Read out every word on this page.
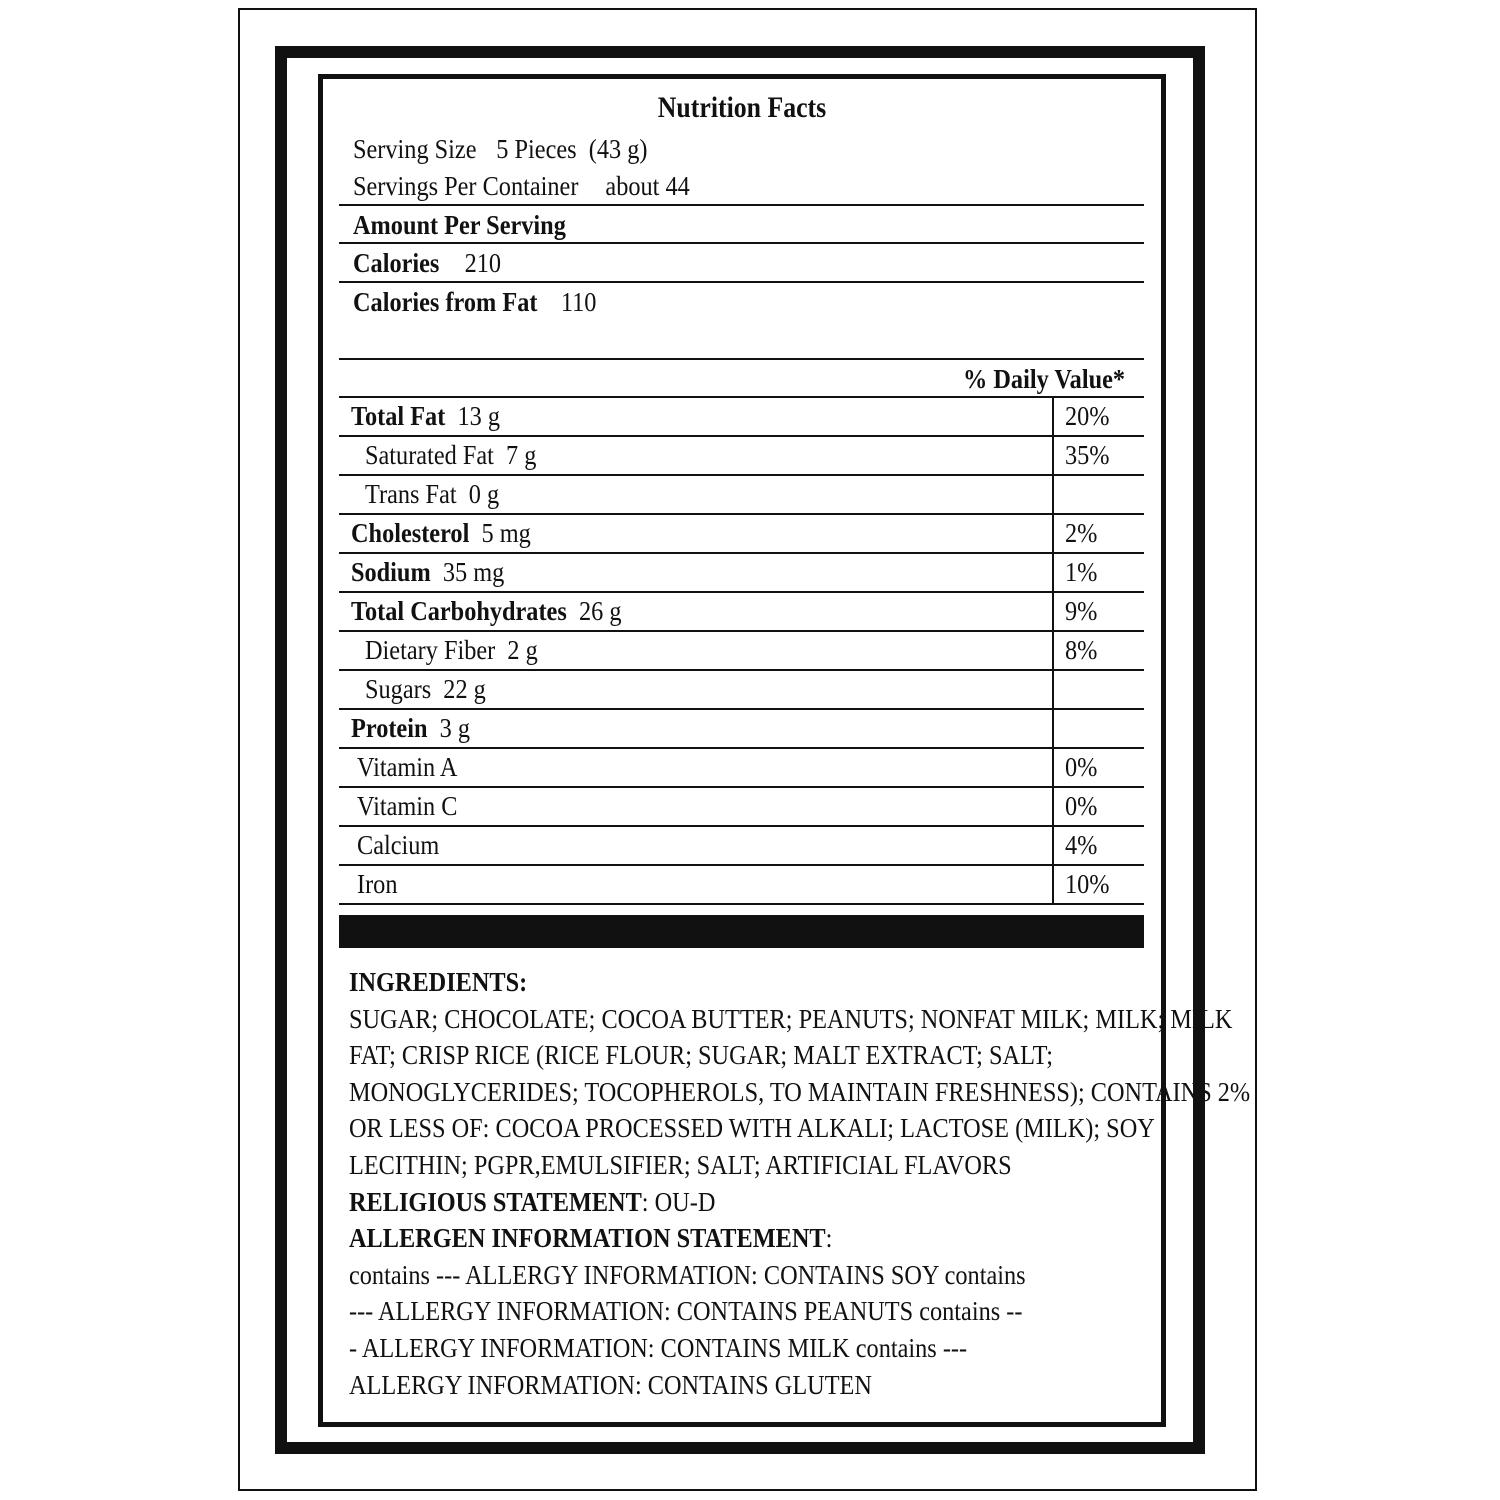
Nutrition Facts
Serving Size 5 Pieces  (43 g)
Servings Per Container about 44
Amount Per Serving
Calories 210
Calories from Fat 110
% Daily Value*
Total Fat  13 g	20%
Saturated Fat  7 g	35%
Trans Fat  0 g
Cholesterol  5 mg	2%
Sodium  35 mg	1%
Total Carbohydrates  26 g	9%
Dietary Fiber  2 g	8%
Sugars  22 g
Protein  3 g
Vitamin A	0%
Vitamin C	0%
Calcium	4%
Iron	10%

INGREDIENTS:

SUGAR; CHOCOLATE; COCOA BUTTER; PEANUTS; NONFAT MILK; MILK; MILK

FAT; CRISP RICE (RICE FLOUR; SUGAR; MALT EXTRACT; SALT;

MONOGLYCERIDES; TOCOPHEROLS, TO MAINTAIN FRESHNESS); CONTAINS 2%

OR LESS OF: COCOA PROCESSED WITH ALKALI; LACTOSE (MILK); SOY

LECITHIN; PGPR,EMULSIFIER; SALT; ARTIFICIAL FLAVORS

RELIGIOUS STATEMENT: OU-D

ALLERGEN INFORMATION STATEMENT:

contains --- ALLERGY INFORMATION: CONTAINS SOY contains

--- ALLERGY INFORMATION: CONTAINS PEANUTS contains --

- ALLERGY INFORMATION: CONTAINS MILK contains ---

ALLERGY INFORMATION: CONTAINS GLUTEN
